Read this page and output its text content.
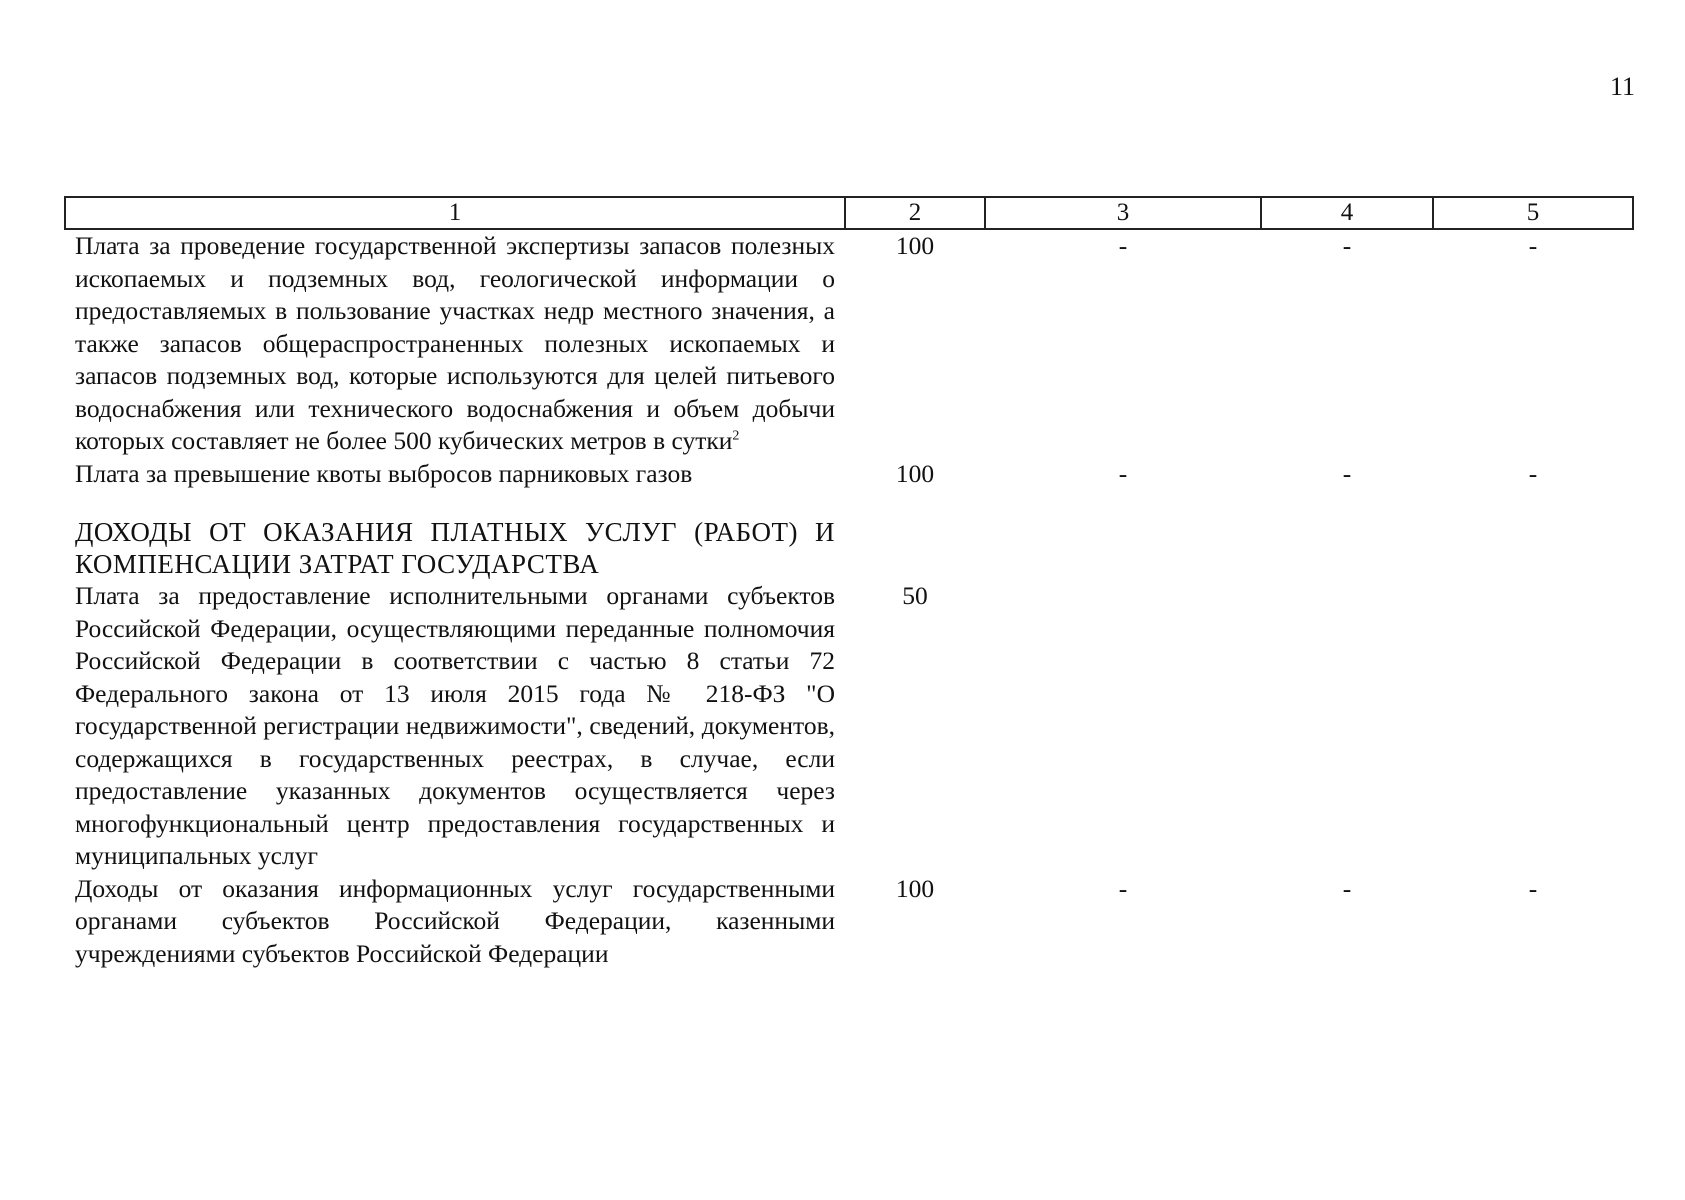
11
1	2	3	4	5
Плата за проведение государственной экспертизы запасов полезных ископаемых и подземных вод, геологической информации о предоставляемых в пользование участках недр местного значения, а также запасов общераспространенных полезных ископаемых и запасов подземных вод, которые используются для целей питьевого водоснабжения или технического водоснабжения и объем добычи которых составляет не более 500 кубических метров в сутки$^2$	100	-	-	-
Плата за превышение квоты выбросов парниковых газов	100	-	-	-

ДОХОДЫ ОТ ОКАЗАНИЯ ПЛАТНЫХ УСЛУГ (РАБОТ) И КОМПЕНСАЦИИ ЗАТРАТ ГОСУДАРСТВА				
Плата за предоставление исполнительными органами субъектов Российской Федерации, осуществляющими переданные полномочия Российской Федерации в соответствии с частью 8 статьи 72 Федерального закона от 13 июля 2015 года № 218-ФЗ "О государственной регистрации недвижимости", сведений, документов, содержащихся в государственных реестрах, в случае, если предоставление указанных документов осуществляется через многофункциональный центр предоставления государственных и муниципальных услуг	50			
Доходы от оказания информационных услуг государственными органами субъектов Российской Федерации, казенными учреждениями субъектов Российской Федерации	100	-	-	-
